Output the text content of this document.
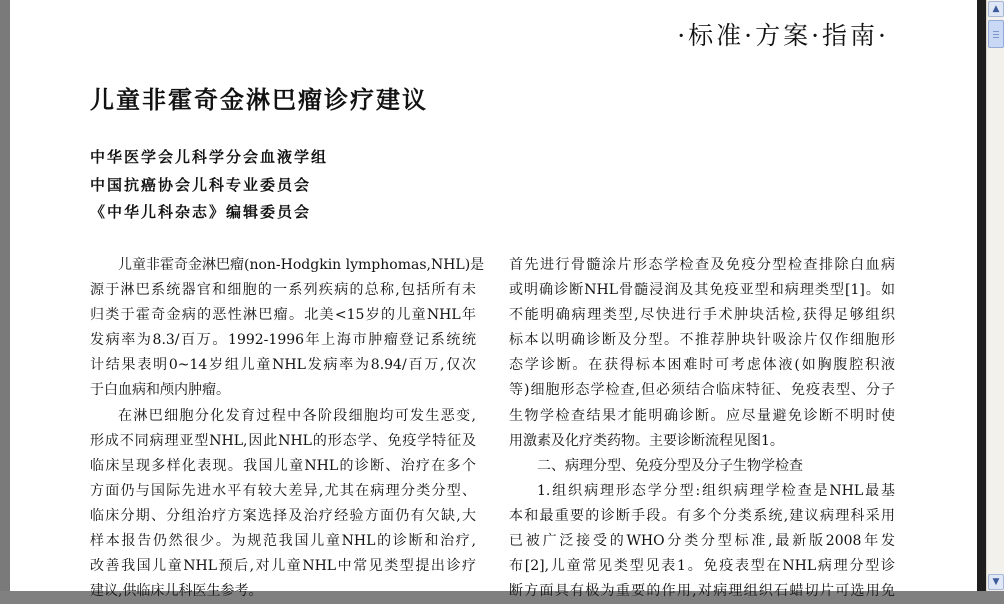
·标准·方案·指南·
儿童非霍奇金淋巴瘤诊疗建议
中华医学会儿科学分会血液学组
中国抗癌协会儿科专业委员会
《中华儿科杂志》编辑委员会
儿童非霍奇金淋巴瘤(non-Hodgkin lymphomas,NHL)是
源于淋巴系统器官和细胞的一系列疾病的总称,包括所有未
归类于霍奇金病的恶性淋巴瘤。北美<15岁的儿童NHL年
发病率为8.3/百万。1992-1996年上海市肿瘤登记系统统
计结果表明0~14岁组儿童NHL发病率为8.94/百万,仅次
于白血病和颅内肿瘤。
在淋巴细胞分化发育过程中各阶段细胞均可发生恶变,
形成不同病理亚型NHL,因此NHL的形态学、免疫学特征及
临床呈现多样化表现。我国儿童NHL的诊断、治疗在多个
方面仍与国际先进水平有较大差异,尤其在病理分类分型、
临床分期、分组治疗方案选择及治疗经验方面仍有欠缺,大
样本报告仍然很少。为规范我国儿童NHL的诊断和治疗,
改善我国儿童NHL预后,对儿童NHL中常见类型提出诊疗
建议,供临床儿科医生参考。
首先进行骨髓涂片形态学检查及免疫分型检查排除白血病
或明确诊断NHL骨髓浸润及其免疫亚型和病理类型[1]。如
不能明确病理类型,尽快进行手术肿块活检,获得足够组织
标本以明确诊断及分型。不推荐肿块针吸涂片仅作细胞形
态学诊断。在获得标本困难时可考虑体液(如胸腹腔积液
等)细胞形态学检查,但必须结合临床特征、免疫表型、分子
生物学检查结果才能明确诊断。应尽量避免诊断不明时使
用激素及化疗类药物。主要诊断流程见图1。
二、病理分型、免疫分型及分子生物学检查
1.组织病理形态学分型:组织病理学检查是NHL最基
本和最重要的诊断手段。有多个分类系统,建议病理科采用
已被广泛接受的WHO分类分型标准,最新版2008年发
布[2],儿童常见类型见表1。免疫表型在NHL病理分型诊
断方面具有极为重要的作用,对病理组织石蜡切片可选用免
▲
▼
